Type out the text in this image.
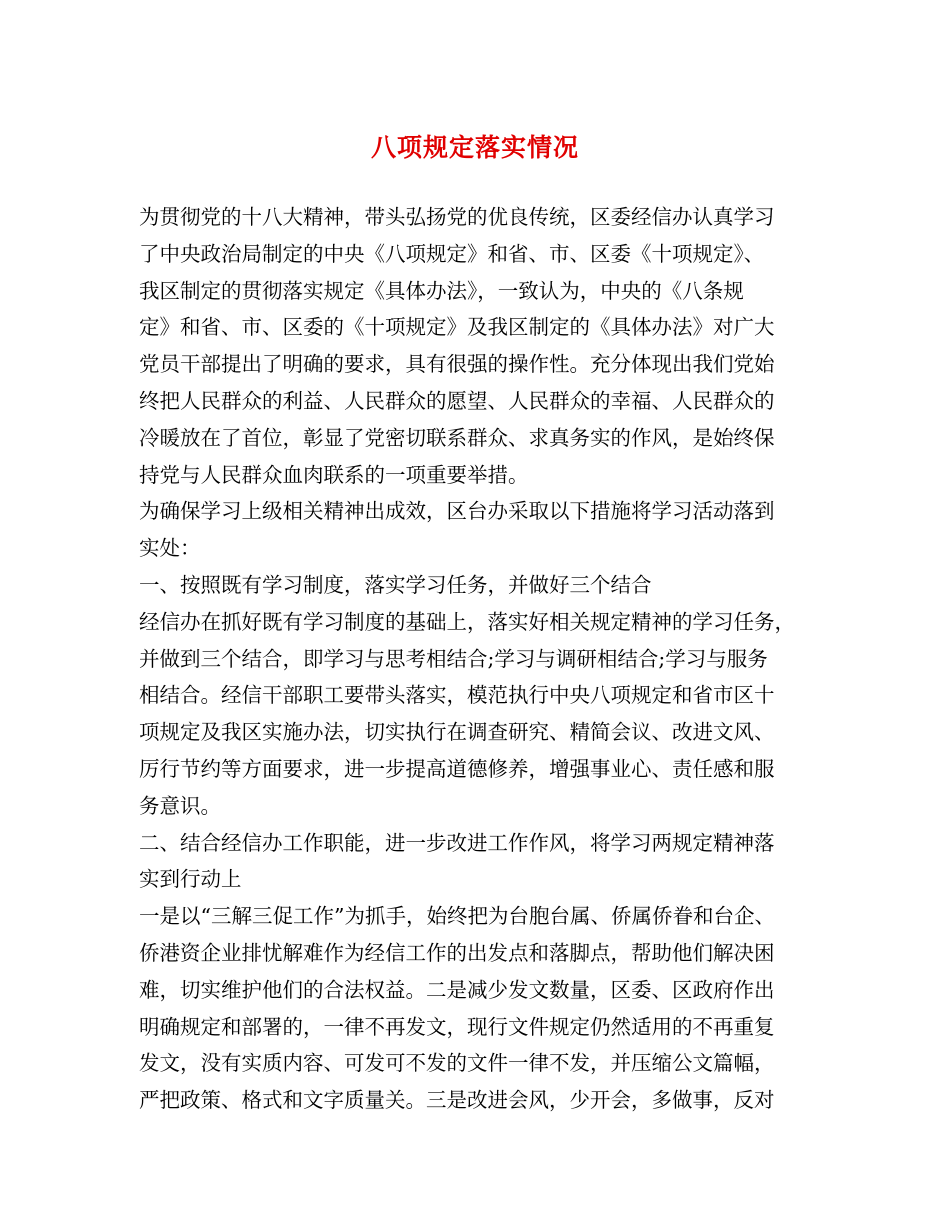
八项规定落实情况
为贯彻党的十八大精神，带头弘扬党的优良传统，区委经信办认真学习
了中央政治局制定的中央《八项规定》和省、市、区委《十项规定》、
我区制定的贯彻落实规定《具体办法》，一致认为，中央的《八条规
定》和省、市、区委的《十项规定》及我区制定的《具体办法》对广大
党员干部提出了明确的要求，具有很强的操作性。充分体现出我们党始
终把人民群众的利益、人民群众的愿望、人民群众的幸福、人民群众的
冷暖放在了首位，彰显了党密切联系群众、求真务实的作风，是始终保
持党与人民群众血肉联系的一项重要举措。
为确保学习上级相关精神出成效，区台办采取以下措施将学习活动落到
实处：
一、按照既有学习制度，落实学习任务，并做好三个结合
经信办在抓好既有学习制度的基础上，落实好相关规定精神的学习任务，
并做到三个结合，即学习与思考相结合;学习与调研相结合;学习与服务
相结合。经信干部职工要带头落实，模范执行中央八项规定和省市区十
项规定及我区实施办法，切实执行在调查研究、精简会议、改进文风、
厉行节约等方面要求，进一步提高道德修养，增强事业心、责任感和服
务意识。
二、结合经信办工作职能，进一步改进工作作风，将学习两规定精神落
实到行动上
一是以“三解三促工作”为抓手，始终把为台胞台属、侨属侨眷和台企、
侨港资企业排忧解难作为经信工作的出发点和落脚点，帮助他们解决困
难，切实维护他们的合法权益。二是减少发文数量，区委、区政府作出
明确规定和部署的，一律不再发文，现行文件规定仍然适用的不再重复
发文，没有实质内容、可发可不发的文件一律不发，并压缩公文篇幅，
严把政策、格式和文字质量关。三是改进会风，少开会，多做事，反对
